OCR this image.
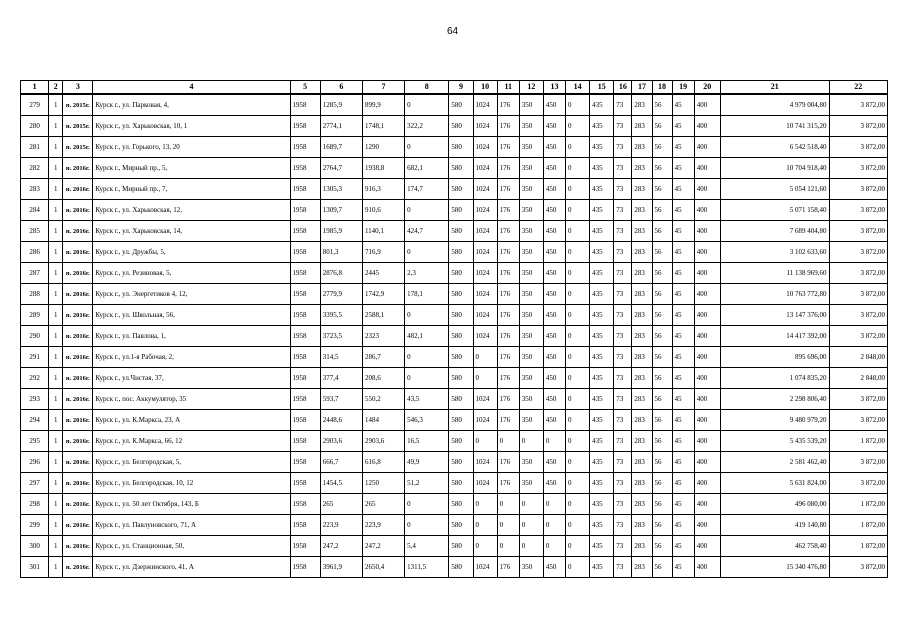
64
1	2	3	4	5	6	7	8	9	10	11	12	13	14	15	16	17	18	19	20	21	22
279	1	н. 2015г.	Курск г., ул. Парковая, 4,	1958	1285,9	899,9	0	580	1024	176	350	450	0	435	73	283	56	45	400	4 979 004,80	3 872,00
280	1	н. 2015г.	Курск г., ул. Харьковская, 10, 1	1958	2774,1	1748,1	322,2	580	1024	176	350	450	0	435	73	283	56	45	400	10 741 315,20	3 872,00
281	1	н. 2015г.	Курск г., ул. Горького, 13, 20	1958	1689,7	1290	0	580	1024	176	350	450	0	435	73	283	56	45	400	6 542 518,40	3 872,00
282	1	н. 2016г.	Курск г., Мирный пр., 5,	1958	2764,7	1938,8	682,1	580	1024	176	350	450	0	435	73	283	56	45	400	10 704 918,40	3 872,00
283	1	н. 2016г.	Курск г., Мирный пр., 7,	1958	1305,3	916,3	174,7	580	1024	176	350	450	0	435	73	283	56	45	400	5 054 121,60	3 872,00
284	1	н. 2016г.	Курск г., ул. Харьковская, 12,	1958	1309,7	910,6	0	580	1024	176	350	450	0	435	73	283	56	45	400	5 071 158,40	3 872,00
285	1	н. 2016г.	Курск г., ул. Харьковская, 14,	1958	1985,9	1140,1	424,7	580	1024	176	350	450	0	435	73	283	56	45	400	7 689 404,80	3 872,00
286	1	н. 2016г.	Курск г., ул. Дружбы, 5,	1958	801,3	716,9	0	580	1024	176	350	450	0	435	73	283	56	45	400	3 102 633,60	3 872,00
287	1	н. 2016г.	Курск г., ул. Резиновая, 5,	1958	2876,8	2445	2,3	580	1024	176	350	450	0	435	73	283	56	45	400	11 138 969,60	3 872,00
288	1	н. 2016г.	Курск г., ул. Энергетиков 4, 12,	1958	2779,9	1742,9	178,1	580	1024	176	350	450	0	435	73	283	56	45	400	10 763 772,80	3 872,00
289	1	н. 2016г.	Курск г., ул. Школьная, 56,	1958	3395,5	2588,1	0	580	1024	176	350	450	0	435	73	283	56	45	400	13 147 376,00	3 872,00
290	1	н. 2016г.	Курск г., ул. Павлова, 1,	1958	3723,5	2323	482,1	580	1024	176	350	450	0	435	73	283	56	45	400	14 417 392,00	3 872,00
291	1	н. 2016г.	Курск г., ул.1-я Рабочая, 2,	1958	314,5	286,7	0	580	0	176	350	450	0	435	73	283	56	45	400	895 696,00	2 848,00
292	1	н. 2016г.	Курск г., ул.Чистая, 37,	1958	377,4	208,6	0	580	0	176	350	450	0	435	73	283	56	45	400	1 074 835,20	2 848,00
293	1	н. 2016г.	Курск г., пос. Аккумулятор, 35	1958	593,7	550,2	43,5	580	1024	176	350	450	0	435	73	283	56	45	400	2 298 806,40	3 872,00
294	1	н. 2016г.	Курск г., ул. К.Маркса, 23, А	1958	2448,6	1484	546,3	580	1024	176	350	450	0	435	73	283	56	45	400	9 480 979,20	3 872,00
295	1	н. 2016г.	Курск г., ул. К.Маркса, 66, 12	1958	2903,6	2903,6	16,5	580	0	0	0	0	0	435	73	283	56	45	400	5 435 539,20	1 872,00
296	1	н. 2016г.	Курск г., ул. Белгородская, 5,	1958	666,7	616,8	49,9	580	1024	176	350	450	0	435	73	283	56	45	400	2 581 462,40	3 872,00
297	1	н. 2016г.	Курск г., ул. Белгородская, 10, 12	1958	1454,5	1250	51,2	580	1024	176	350	450	0	435	73	283	56	45	400	5 631 824,00	3 872,00
298	1	н. 2016г.	Курск г., ул. 50 лет Октября, 143, Б	1958	265	265	0	580	0	0	0	0	0	435	73	283	56	45	400	496 080,00	1 872,00
299	1	н. 2016г.	Курск г., ул. Павлуновского, 71, А	1958	223,9	223,9	0	580	0	0	0	0	0	435	73	283	56	45	400	419 140,80	1 872,00
300	1	н. 2016г.	Курск г., ул. Станционная, 50,	1958	247,2	247,2	5,4	580	0	0	0	0	0	435	73	283	56	45	400	462 758,40	1 872,00
301	1	н. 2016г.	Курск г., ул. Дзержинского, 41, А	1958	3961,9	2650,4	1311,5	580	1024	176	350	450	0	435	73	283	56	45	400	15 340 476,80	3 872,00
